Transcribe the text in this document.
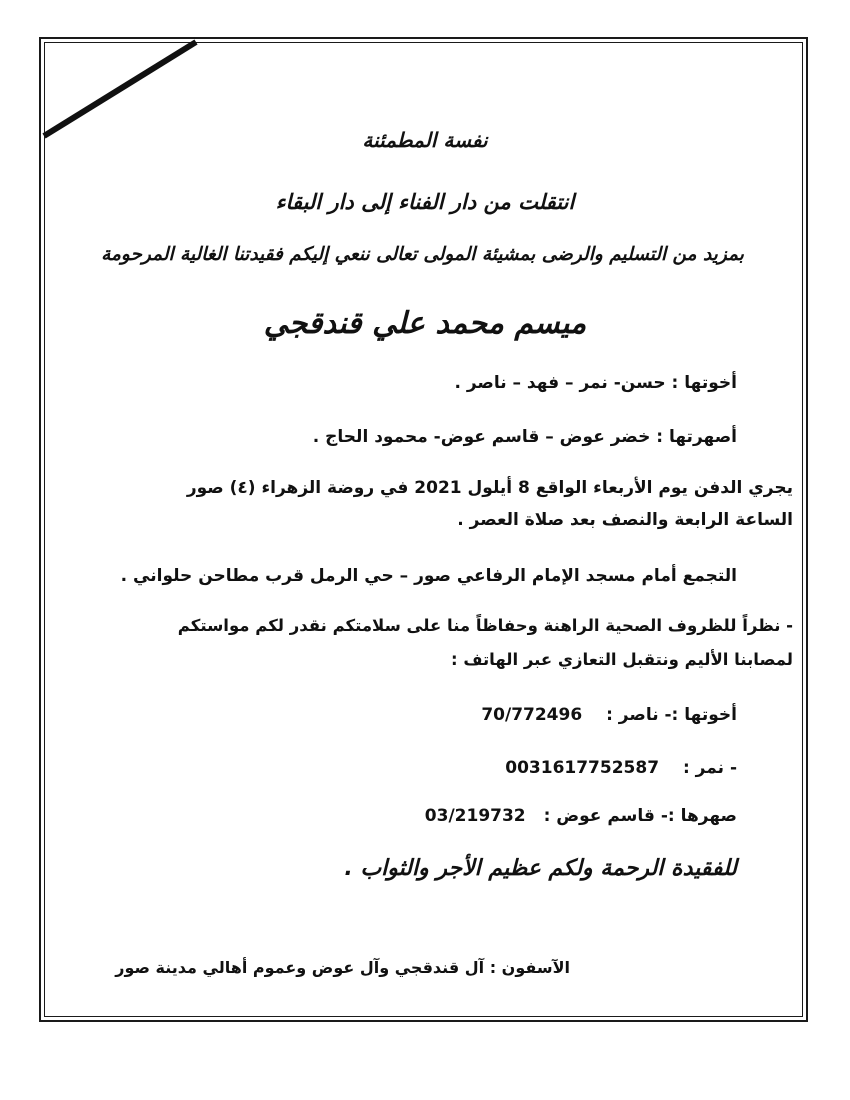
نفسة المطمئنة

انتقلت من دار الفناء إلى دار البقاء

بمزيد من التسليم والرضى بمشيئة المولى تعالى ننعي إليكم فقيدتنا الغالية المرحومة

ميسم محمد علي قندقجي

أخوتها : حسن- نمر – فهد – ناصر .

أصهرتها : خضر عوض – قاسم عوض- محمود الحاج .

يجري الدفن يوم الأربعاء الواقع 8 أيلول 2021 في روضة الزهراء (٤) صور

الساعة الرابعة والنصف بعد صلاة العصر .

التجمع أمام مسجد الإمام الرفاعي صور – حي الرمل قرب مطاحن حلواني .

- نظراً للظروف الصحية الراهنة وحفاظاً منا على سلامتكم نقدر لكم مواستكم

لمصابنا الأليم ونتقبل التعازي عبر الهاتف :

أخوتها :- ناصر : 70/772496

- نمر : 0031617752587

صهرها :- قاسم عوض : 03/219732

للفقيدة الرحمة ولكم عظيم الأجر والثواب .

الآسفون : آل قندقجي وآل عوض وعموم أهالي مدينة صور
